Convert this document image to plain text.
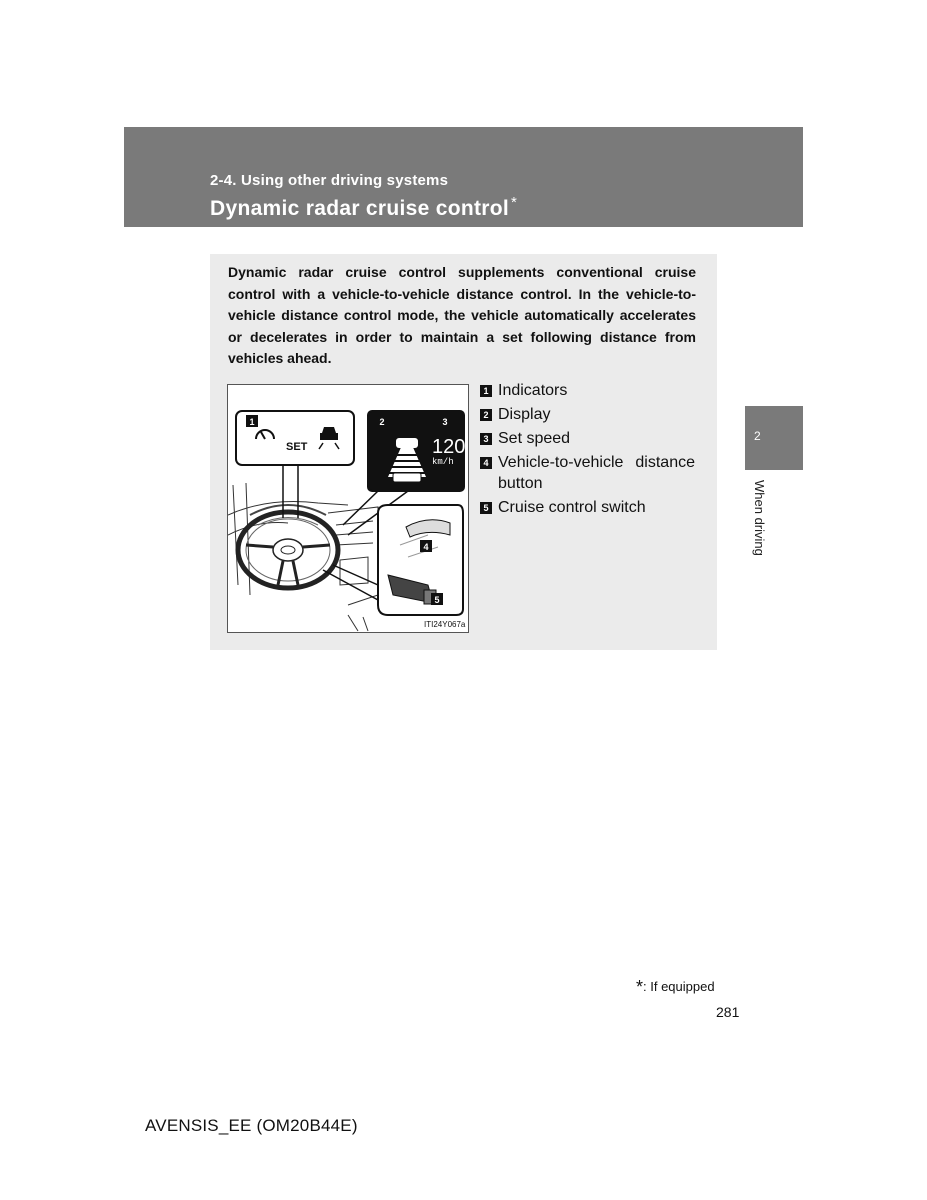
2-4. Using other driving systems
Dynamic radar cruise control *
2
When driving

Dynamic radar cruise control supplements conventional cruise control with a vehicle-to-vehicle distance control. In the vehicle-to-vehicle distance control mode, the vehicle automatically accelerates or decelerates in order to maintain a set following distance from vehicles ahead.

SET	120
km/h
1	2	3
4
5
ITI24Y067a
1 Indicators
2 Display
3 Set speed
4 Vehicle-to-vehicle distance button
5 Cruise control switch
*: If equipped
281
AVENSIS_EE (OM20B44E)
